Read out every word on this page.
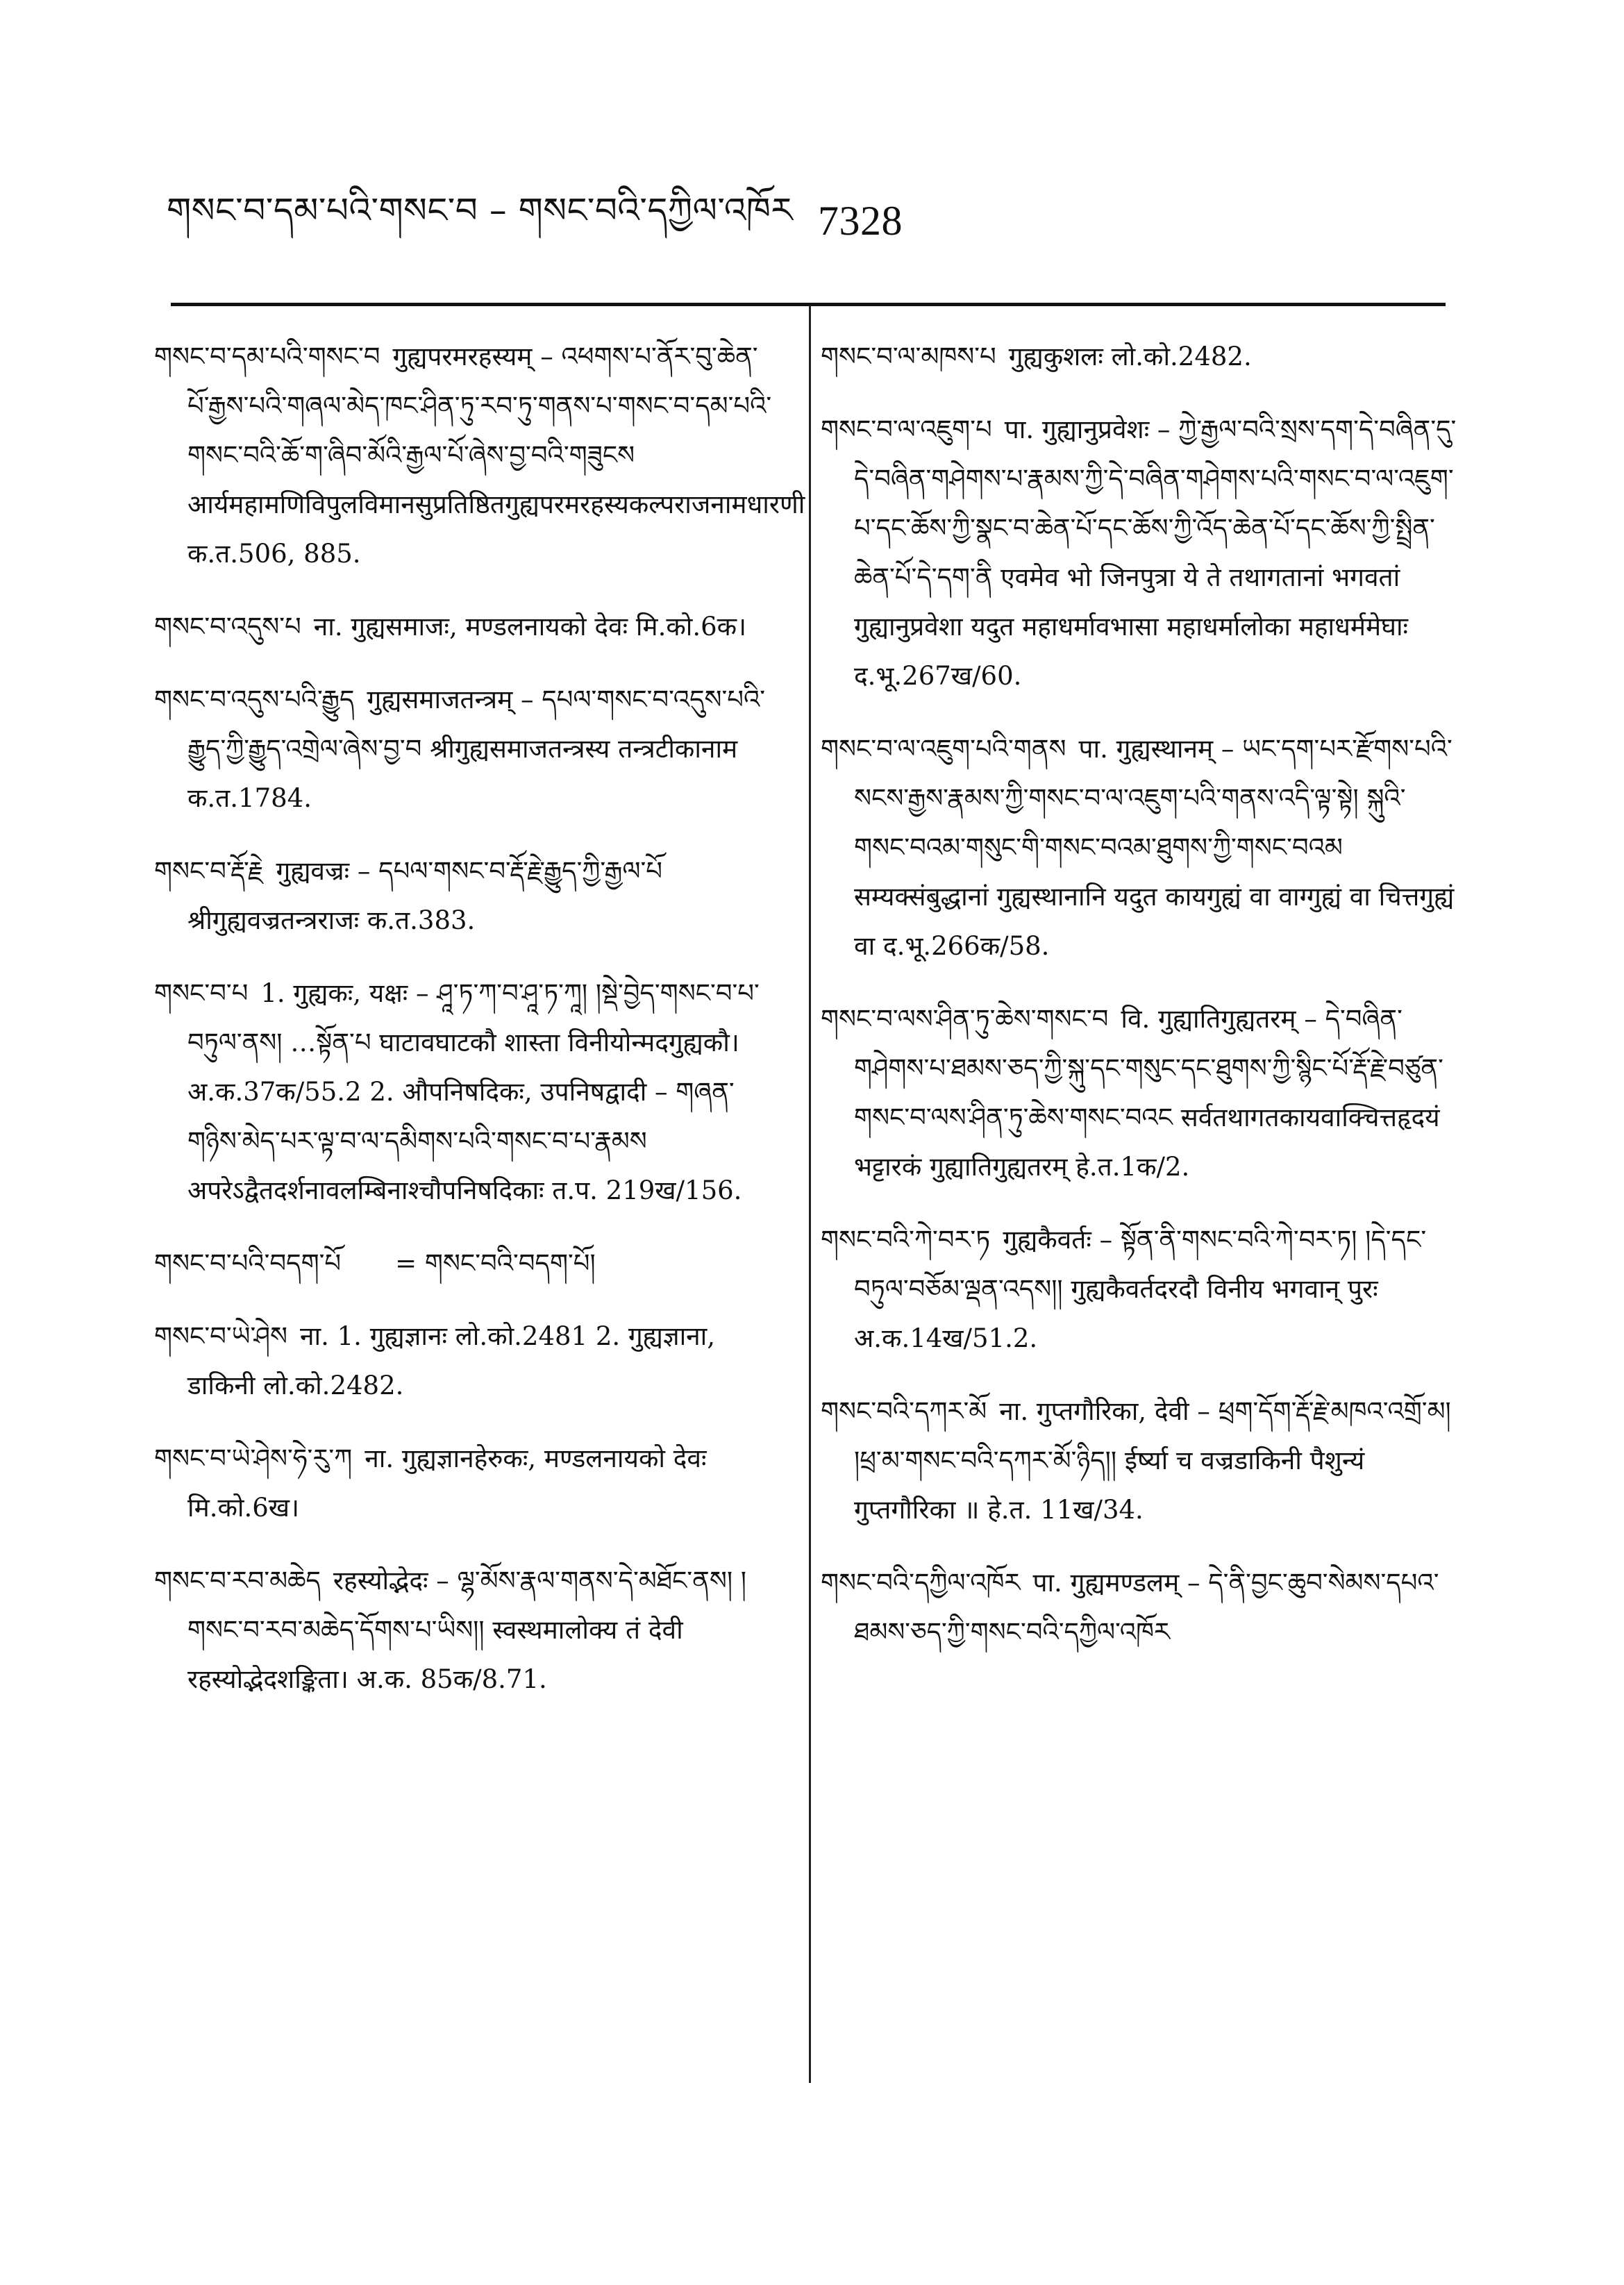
གསང་བ་དམ་པའི་གསང་བ – གསང་བའི་དཀྱིལ་འཁོར 7328
གསང་བ་དམ་པའི་གསང་བ गुह्यपरमरहस्यम् – འཕགས་པ་ནོར་བུ་ཆེན་པོ་རྒྱས་པའི་གཞལ་མེད་ཁང་ཤིན་ཏུ་རབ་ཏུ་གནས་པ་གསང་བ་དམ་པའི་གསང་བའི་ཆོ་ག་ཞིབ་མོའི་རྒྱལ་པོ་ཞེས་བྱ་བའི་གཟུངས आर्यमहामणिविपुलविमानसुप्रतिष्ठितगुह्यपरमरहस्यकल्पराजनामधारणी क.त.506, 885.
གསང་བ་འདུས་པ ना. गुह्यसमाजः, मण्डलनायको देवः मि.को.6क।
གསང་བ་འདུས་པའི་རྒྱུད गुह्यसमाजतन्त्रम् – དཔལ་གསང་བ་འདུས་པའི་རྒྱུད་ཀྱི་རྒྱུད་འགྲེལ་ཞེས་བྱ་བ श्रीगुह्यसमाजतन्त्रस्य तन्त्रटीकानाम क.त.1784.
གསང་བ་རྡོ་རྗེ गुह्यवज्रः – དཔལ་གསང་བ་རྡོ་རྗེ་རྒྱུད་ཀྱི་རྒྱལ་པོ श्रीगुह्यवज्रतन्त्रराजः क.त.383.
གསང་བ་པ 1. गुह्यकः, यक्षः – ཤཱ་ཏ་ཀ་བ་ཤཱ་ཏ་ཀཱ། །སྡེ་བྱེད་གསང་བ་པ་བཏུལ་ནས། …སྟོན་པ घाटावघाटकौ शास्ता विनीयोन्मदगुह्यकौ। अ.क.37क/55.2 2. औपनिषदिकः, उपनिषद्वादी – གཞན་གཉིས་མེད་པར་ལྟ་བ་ལ་དམིགས་པའི་གསང་བ་པ་རྣམས अपरेऽद्वैतदर्शनावलम्बिनाश्चौपनिषदिकाः त.प. 219ख/156.
གསང་བ་པའི་བདག་པོ = གསང་བའི་བདག་པོ།
གསང་བ་ཡེ་ཤེས ना. 1. गुह्यज्ञानः लो.को.2481 2. गुह्यज्ञाना, डाकिनी लो.को.2482.
གསང་བ་ཡེ་ཤེས་ཧེ་རུ་ཀ ना. गुह्यज्ञानहेरुकः, मण्डलनायको देवः मि.को.6ख।
གསང་བ་རབ་མཆེད रहस्योद्भेदः – ལྷ་མོས་རྣལ་གནས་དེ་མཐོང་ནས། །གསང་བ་རབ་མཆེད་དོགས་པ་ཡིས།། स्वस्थमालोक्य तं देवी रहस्योद्भेदशङ्किता। अ.क. 85क/8.71.
གསང་བ་ལ་མཁས་པ गुह्यकुशलः लो.को.2482.
གསང་བ་ལ་འཇུག་པ पा. गुह्यानुप्रवेशः – ཀྱེ་རྒྱལ་བའི་སྲས་དག་དེ་བཞིན་དུ་དེ་བཞིན་གཤེགས་པ་རྣམས་ཀྱི་དེ་བཞིན་གཤེགས་པའི་གསང་བ་ལ་འཇུག་པ་དང་ཆོས་ཀྱི་སྣང་བ་ཆེན་པོ་དང་ཆོས་ཀྱི་འོད་ཆེན་པོ་དང་ཆོས་ཀྱི་སྤྲིན་ཆེན་པོ་དེ་དག་ནི एवमेव भो जिनपुत्रा ये ते तथागतानां भगवतां गुह्यानुप्रवेशा यदुत महाधर्मावभासा महाधर्मालोका महाधर्ममेघाः द.भू.267ख/60.
གསང་བ་ལ་འཇུག་པའི་གནས पा. गुह्यस्थानम् – ཡང་དག་པར་རྫོགས་པའི་སངས་རྒྱས་རྣམས་ཀྱི་གསང་བ་ལ་འཇུག་པའི་གནས་འདི་ལྟ་སྟེ། སྐུའི་གསང་བའམ་གསུང་གི་གསང་བའམ་ཐུགས་ཀྱི་གསང་བའམ सम्यक्संबुद्धानां गुह्यस्थानानि यदुत कायगुह्यं वा वाग्गुह्यं वा चित्तगुह्यं वा द.भू.266क/58.
གསང་བ་ལས་ཤིན་ཏུ་ཆེས་གསང་བ वि. गुह्यातिगुह्यतरम् – དེ་བཞིན་གཤེགས་པ་ཐམས་ཅད་ཀྱི་སྐུ་དང་གསུང་དང་ཐུགས་ཀྱི་སྙིང་པོ་རྡོ་རྗེ་བཙུན་གསང་བ་ལས་ཤིན་ཏུ་ཆེས་གསང་བའང सर्वतथागतकायवाक्चित्तहृदयं भट्टारकं गुह्यातिगुह्यतरम् हे.त.1क/2.
གསང་བའི་ཀེ་བར་ཏ गुह्यकैवर्तः – སྟོན་ནི་གསང་བའི་ཀེ་བར་ཏ། །དེ་དང་བཏུལ་བཅོམ་ལྡན་འདས།། गुह्यकैवर्तदरदौ विनीय भगवान् पुरः अ.क.14ख/51.2.
གསང་བའི་དཀར་མོ ना. गुप्तगौरिका, देवी – ཕྲག་དོག་རྡོ་རྗེ་མཁའ་འགྲོ་མ། །ཕྲ་མ་གསང་བའི་དཀར་མོ་ཉིད།། ईर्ष्या च वज्रडाकिनी पैशुन्यं गुप्तगौरिका ॥ हे.त. 11ख/34.
གསང་བའི་དཀྱིལ་འཁོར पा. गुह्यमण्डलम् – དེ་ནི་བྱང་ཆུབ་སེམས་དཔའ་ཐམས་ཅད་ཀྱི་གསང་བའི་དཀྱིལ་འཁོར
